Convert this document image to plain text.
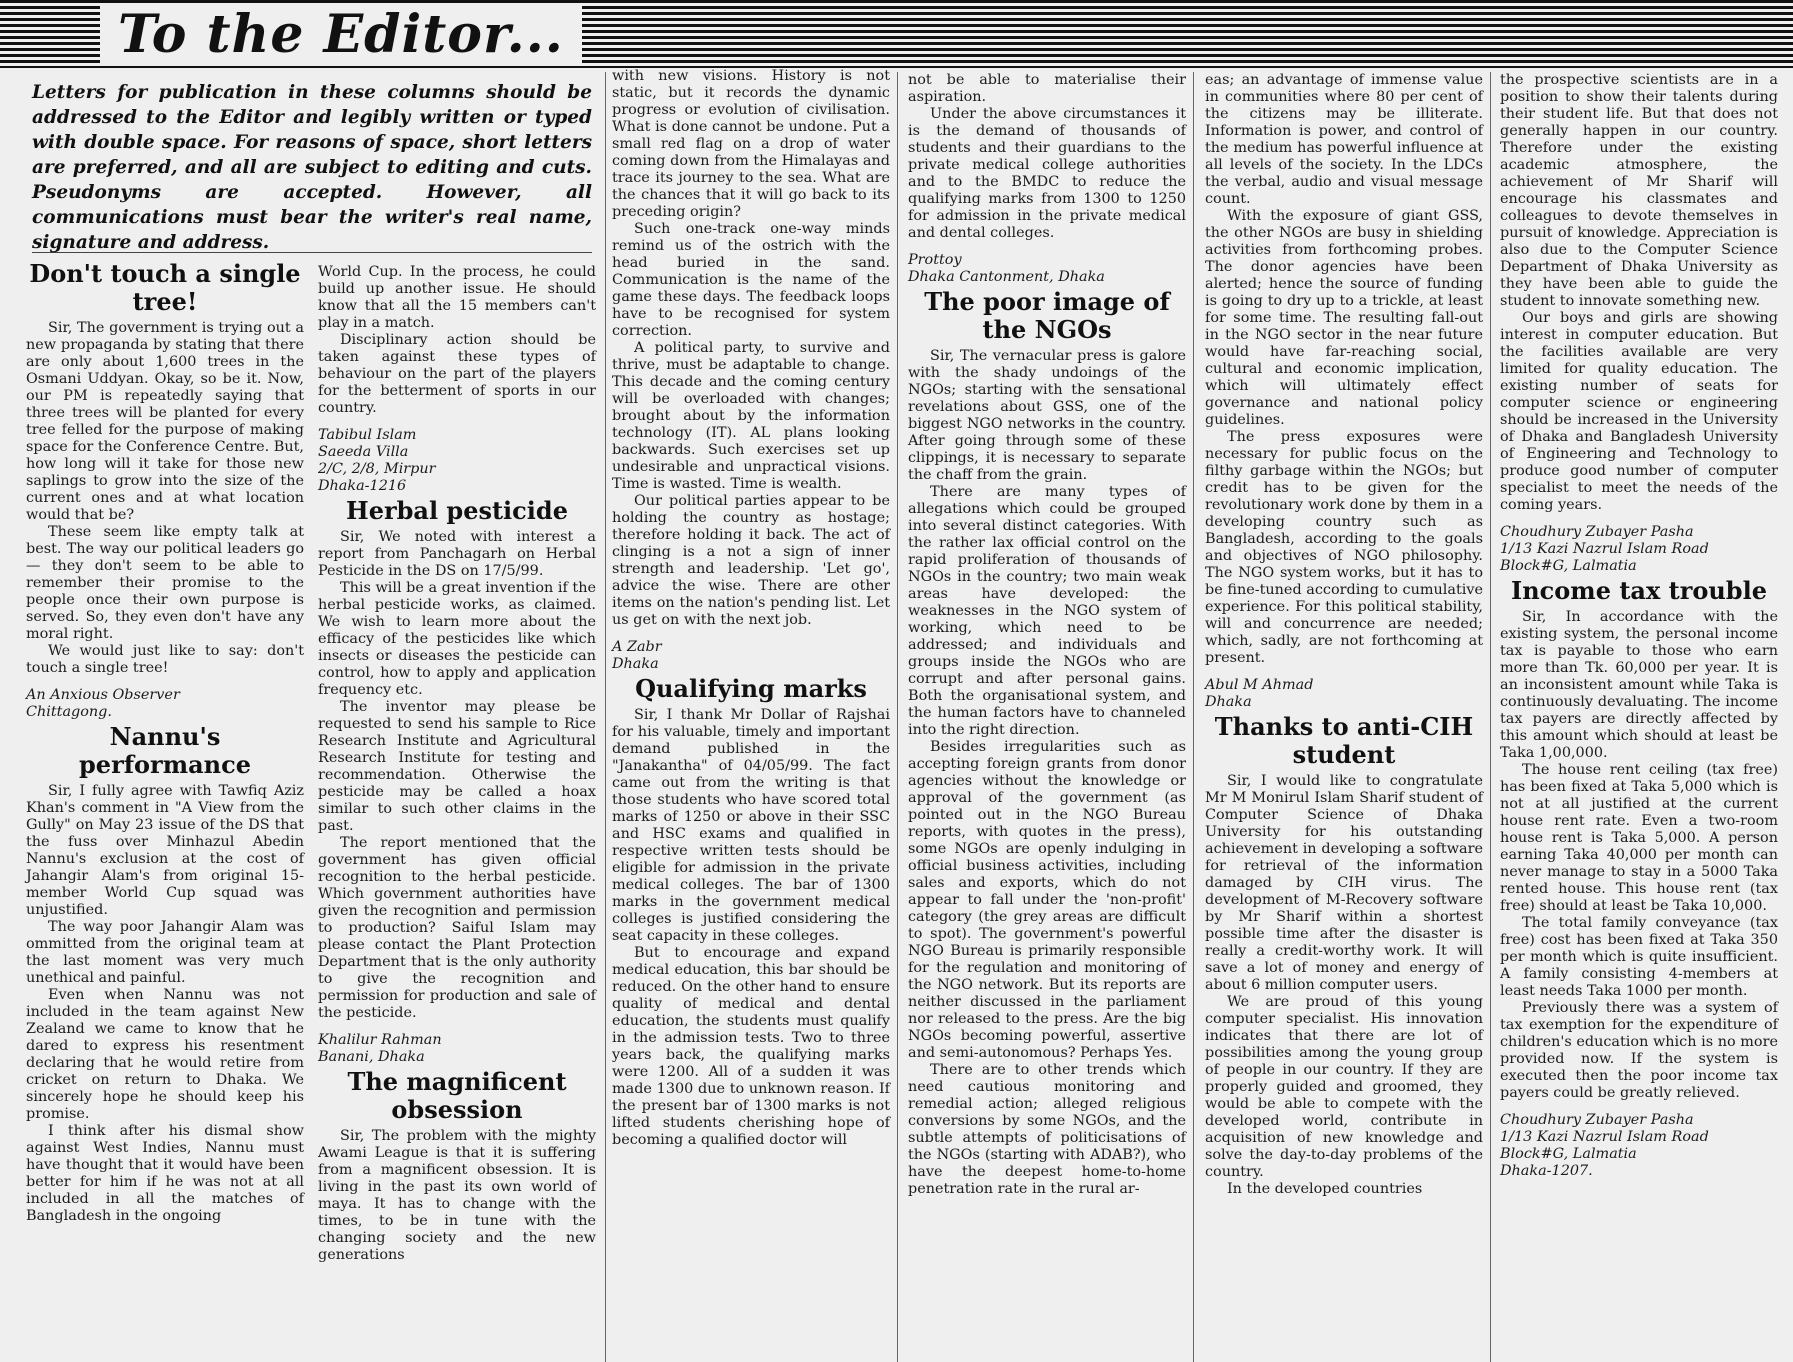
To the Editor...
Letters for publication in these columns should be addressed to the Editor and legibly written or typed with double space. For reasons of space, short letters are preferred, and all are subject to editing and cuts. Pseudonyms are accepted. However, all communications must bear the writer's real name, signature and address.
Don't touch a single tree!

Sir, The government is trying out a new propaganda by stating that there are only about 1,600 trees in the Osmani Uddyan. Okay, so be it. Now, our PM is repeatedly saying that three trees will be planted for every tree felled for the purpose of making space for the Conference Centre. But, how long will it take for those new saplings to grow into the size of the current ones and at what location would that be?

These seem like empty talk at best. The way our political leaders go — they don't seem to be able to remember their promise to the people once their own purpose is served. So, they even don't have any moral right.

We would just like to say: don't touch a single tree!

An Anxious Observer
Chittagong.
Nannu's performance

Sir, I fully agree with Tawfiq Aziz Khan's comment in "A View from the Gully" on May 23 issue of the DS that the fuss over Minhazul Abedin Nannu's exclusion at the cost of Jahangir Alam's from original 15-member World Cup squad was unjustified.

The way poor Jahangir Alam was ommitted from the original team at the last moment was very much unethical and painful.

Even when Nannu was not included in the team against New Zealand we came to know that he dared to express his resentment declaring that he would retire from cricket on return to Dhaka. We sincerely hope he should keep his promise.

I think after his dismal show against West Indies, Nannu must have thought that it would have been better for him if he was not at all included in all the matches of Bangladesh in the ongoing

World Cup. In the process, he could build up another issue. He should know that all the 15 members can't play in a match.

Disciplinary action should be taken against these types of behaviour on the part of the players for the betterment of sports in our country.

Tabibul Islam
Saeeda Villa
2/C, 2/8, Mirpur
Dhaka-1216
Herbal pesticide

Sir, We noted with interest a report from Panchagarh on Herbal Pesticide in the DS on 17/5/99.

This will be a great invention if the herbal pesticide works, as claimed. We wish to learn more about the efficacy of the pesticides like which insects or diseases the pesticide can control, how to apply and application frequency etc.

The inventor may please be requested to send his sample to Rice Research Institute and Agricultural Research Institute for testing and recommendation. Otherwise the pesticide may be called a hoax similar to such other claims in the past.

The report mentioned that the government has given official recognition to the herbal pesticide. Which government authorities have given the recognition and permission to production? Saiful Islam may please contact the Plant Protection Department that is the only authority to give the recognition and permission for production and sale of the pesticide.

Khalilur Rahman
Banani, Dhaka
The magnificent obsession

Sir, The problem with the mighty Awami League is that it is suffering from a magnificent obsession. It is living in the past its own world of maya. It has to change with the times, to be in tune with the changing society and the new generations

with new visions. History is not static, but it records the dynamic progress or evolution of civilisation. What is done cannot be undone. Put a small red flag on a drop of water coming down from the Himalayas and trace its journey to the sea. What are the chances that it will go back to its preceding origin?

Such one-track one-way minds remind us of the ostrich with the head buried in the sand. Communication is the name of the game these days. The feedback loops have to be recognised for system correction.

A political party, to survive and thrive, must be adaptable to change. This decade and the coming century will be overloaded with changes; brought about by the information technology (IT). AL plans looking backwards. Such exercises set up undesirable and unpractical visions. Time is wasted. Time is wealth.

Our political parties appear to be holding the country as hostage; therefore holding it back. The act of clinging is a not a sign of inner strength and leadership. 'Let go', advice the wise. There are other items on the nation's pending list. Let us get on with the next job.

A Zabr
Dhaka
Qualifying marks

Sir, I thank Mr Dollar of Rajshai for his valuable, timely and important demand published in the "Janakantha" of 04/05/99. The fact came out from the writing is that those students who have scored total marks of 1250 or above in their SSC and HSC exams and qualified in respective written tests should be eligible for admission in the private medical colleges. The bar of 1300 marks in the government medical colleges is justified considering the seat capacity in these colleges.

But to encourage and expand medical education, this bar should be reduced. On the other hand to ensure quality of medical and dental education, the students must qualify in the admission tests. Two to three years back, the qualifying marks were 1200. All of a sudden it was made 1300 due to unknown reason. If the present bar of 1300 marks is not lifted students cherishing hope of becoming a qualified doctor will

not be able to materialise their aspiration.

Under the above circumstances it is the demand of thousands of students and their guardians to the private medical college authorities and to the BMDC to reduce the qualifying marks from 1300 to 1250 for admission in the private medical and dental colleges.

Prottoy
Dhaka Cantonment, Dhaka
The poor image of the NGOs

Sir, The vernacular press is galore with the shady undoings of the NGOs; starting with the sensational revelations about GSS, one of the biggest NGO networks in the country. After going through some of these clippings, it is necessary to separate the chaff from the grain.

There are many types of allegations which could be grouped into several distinct categories. With the rather lax official control on the rapid proliferation of thousands of NGOs in the country; two main weak areas have developed: the weaknesses in the NGO system of working, which need to be addressed; and individuals and groups inside the NGOs who are corrupt and after personal gains. Both the organisational system, and the human factors have to channeled into the right direction.

Besides irregularities such as accepting foreign grants from donor agencies without the knowledge or approval of the government (as pointed out in the NGO Bureau reports, with quotes in the press), some NGOs are openly indulging in official business activities, including sales and exports, which do not appear to fall under the 'non-profit' category (the grey areas are difficult to spot). The government's powerful NGO Bureau is primarily responsible for the regulation and monitoring of the NGO network. But its reports are neither discussed in the parliament nor released to the press. Are the big NGOs becoming powerful, assertive and semi-autonomous? Perhaps Yes.

There are to other trends which need cautious monitoring and remedial action; alleged religious conversions by some NGOs, and the subtle attempts of politicisations of the NGOs (starting with ADAB?), who have the deepest home-to-home penetration rate in the rural ar-

eas; an advantage of immense value in communities where 80 per cent of the citizens may be illiterate. Information is power, and control of the medium has powerful influence at all levels of the society. In the LDCs the verbal, audio and visual message count.

With the exposure of giant GSS, the other NGOs are busy in shielding activities from forthcoming probes. The donor agencies have been alerted; hence the source of funding is going to dry up to a trickle, at least for some time. The resulting fall-out in the NGO sector in the near future would have far-reaching social, cultural and economic implication, which will ultimately effect governance and national policy guidelines.

The press exposures were necessary for public focus on the filthy garbage within the NGOs; but credit has to be given for the revolutionary work done by them in a developing country such as Bangladesh, according to the goals and objectives of NGO philosophy. The NGO system works, but it has to be fine-tuned according to cumulative experience. For this political stability, will and concurrence are needed; which, sadly, are not forthcoming at present.

Abul M Ahmad
Dhaka
Thanks to anti-CIH student

Sir, I would like to congratulate Mr M Monirul Islam Sharif student of Computer Science of Dhaka University for his outstanding achievement in developing a software for retrieval of the information damaged by CIH virus. The development of M-Recovery software by Mr Sharif within a shortest possible time after the disaster is really a credit-worthy work. It will save a lot of money and energy of about 6 million computer users.

We are proud of this young computer specialist. His innovation indicates that there are lot of possibilities among the young group of people in our country. If they are properly guided and groomed, they would be able to compete with the developed world, contribute in acquisition of new knowledge and solve the day-to-day problems of the country.

In the developed countries

the prospective scientists are in a position to show their talents during their student life. But that does not generally happen in our country. Therefore under the existing academic atmosphere, the achievement of Mr Sharif will encourage his classmates and colleagues to devote themselves in pursuit of knowledge. Appreciation is also due to the Computer Science Department of Dhaka University as they have been able to guide the student to innovate something new.

Our boys and girls are showing interest in computer education. But the facilities available are very limited for quality education. The existing number of seats for computer science or engineering should be increased in the University of Dhaka and Bangladesh University of Engineering and Technology to produce good number of computer specialist to meet the needs of the coming years.

Choudhury Zubayer Pasha
1/13 Kazi Nazrul Islam Road
Block#G, Lalmatia
Income tax trouble

Sir, In accordance with the existing system, the personal income tax is payable to those who earn more than Tk. 60,000 per year. It is an inconsistent amount while Taka is continuously devaluating. The income tax payers are directly affected by this amount which should at least be Taka 1,00,000.

The house rent ceiling (tax free) has been fixed at Taka 5,000 which is not at all justified at the current house rent rate. Even a two-room house rent is Taka 5,000. A person earning Taka 40,000 per month can never manage to stay in a 5000 Taka rented house. This house rent (tax free) should at least be Taka 10,000.

The total family conveyance (tax free) cost has been fixed at Taka 350 per month which is quite insufficient. A family consisting 4-members at least needs Taka 1000 per month.

Previously there was a system of tax exemption for the expenditure of children's education which is no more provided now. If the system is executed then the poor income tax payers could be greatly relieved.

Choudhury Zubayer Pasha
1/13 Kazi Nazrul Islam Road
Block#G, Lalmatia
Dhaka-1207.
